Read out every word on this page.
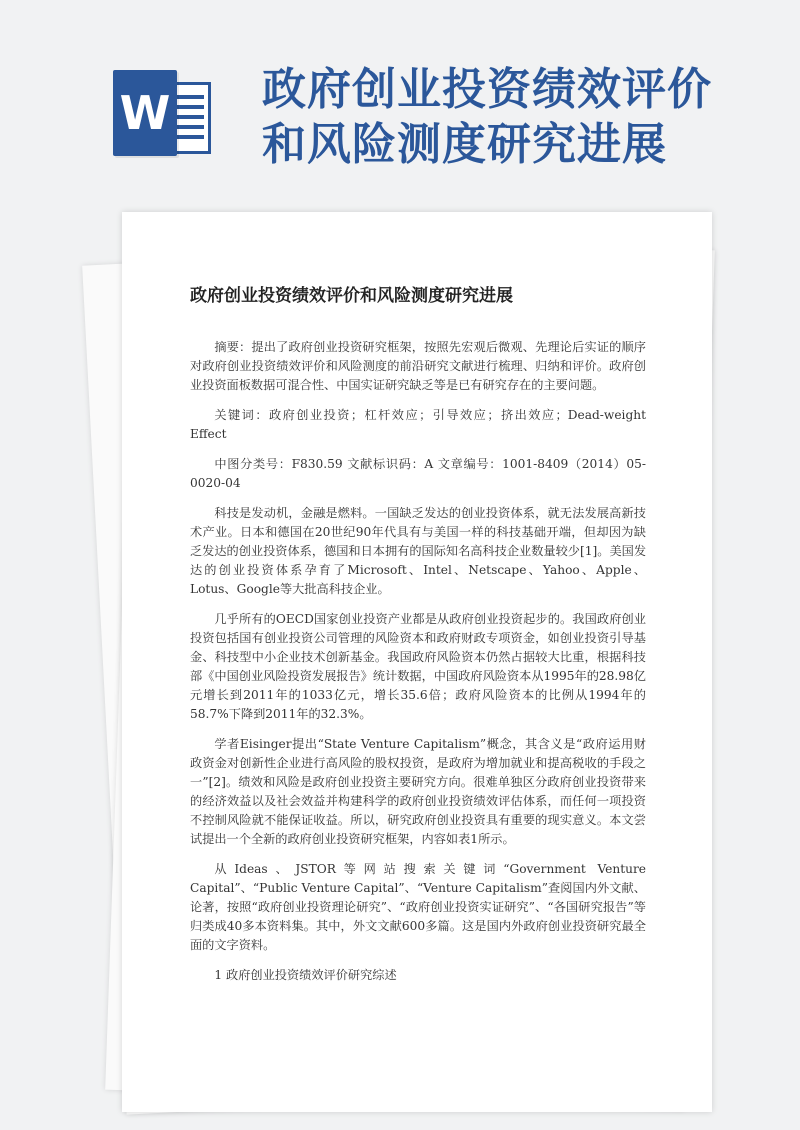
W 政府创业投资绩效评价
和风险测度研究进展
政府创业投资绩效评价和风险测度研究进展

摘要：提出了政府创业投资研究框架，按照先宏观后微观、先理论后实证的顺序对政府创业投资绩效评价和风险测度的前沿研究文献进行梳理、归纳和评价。政府创业投资面板数据可混合性、中国实证研究缺乏等是已有研究存在的主要问题。

关键词：政府创业投资；杠杆效应；引导效应；挤出效应；Dead-weight Effect

中图分类号：F830.59 文献标识码：A 文章编号：1001-8409（2014）05-0020-04

科技是发动机，金融是燃料。一国缺乏发达的创业投资体系，就无法发展高新技术产业。日本和德国在20世纪90年代具有与美国一样的科技基础开端，但却因为缺乏发达的创业投资体系，德国和日本拥有的国际知名高科技企业数量较少[1]。美国发达的创业投资体系孕育了Microsoft、Intel、Netscape、Yahoo、Apple、Lotus、Google等大批高科技企业。

几乎所有的OECD国家创业投资产业都是从政府创业投资起步的。我国政府创业投资包括国有创业投资公司管理的风险资本和政府财政专项资金，如创业投资引导基金、科技型中小企业技术创新基金。我国政府风险资本仍然占据较大比重，根据科技部《中国创业风险投资发展报告》统计数据，中国政府风险资本从1995年的28.98亿元增长到2011年的1033亿元，增长35.6倍；政府风险资本的比例从1994年的58.7%下降到2011年的32.3%。

学者Eisinger提出“State Venture Capitalism”概念，其含义是“政府运用财政资金对创新性企业进行高风险的股权投资，是政府为增加就业和提高税收的手段之一”[2]。绩效和风险是政府创业投资主要研究方向。很难单独区分政府创业投资带来的经济效益以及社会效益并构建科学的政府创业投资绩效评估体系，而任何一项投资不控制风险就不能保证收益。所以，研究政府创业投资具有重要的现实意义。本文尝试提出一个全新的政府创业投资研究框架，内容如表1所示。

从Ideas、JSTOR等网站搜索关键词“Government Venture Capital”、“Public Venture Capital”、“Venture Capitalism”查阅国内外文献、论著，按照“政府创业投资理论研究”、“政府创业投资实证研究”、“各国研究报告”等归类成40多本资料集。其中，外文文献600多篇。这是国内外政府创业投资研究最全面的文字资料。

1 政府创业投资绩效评价研究综述
